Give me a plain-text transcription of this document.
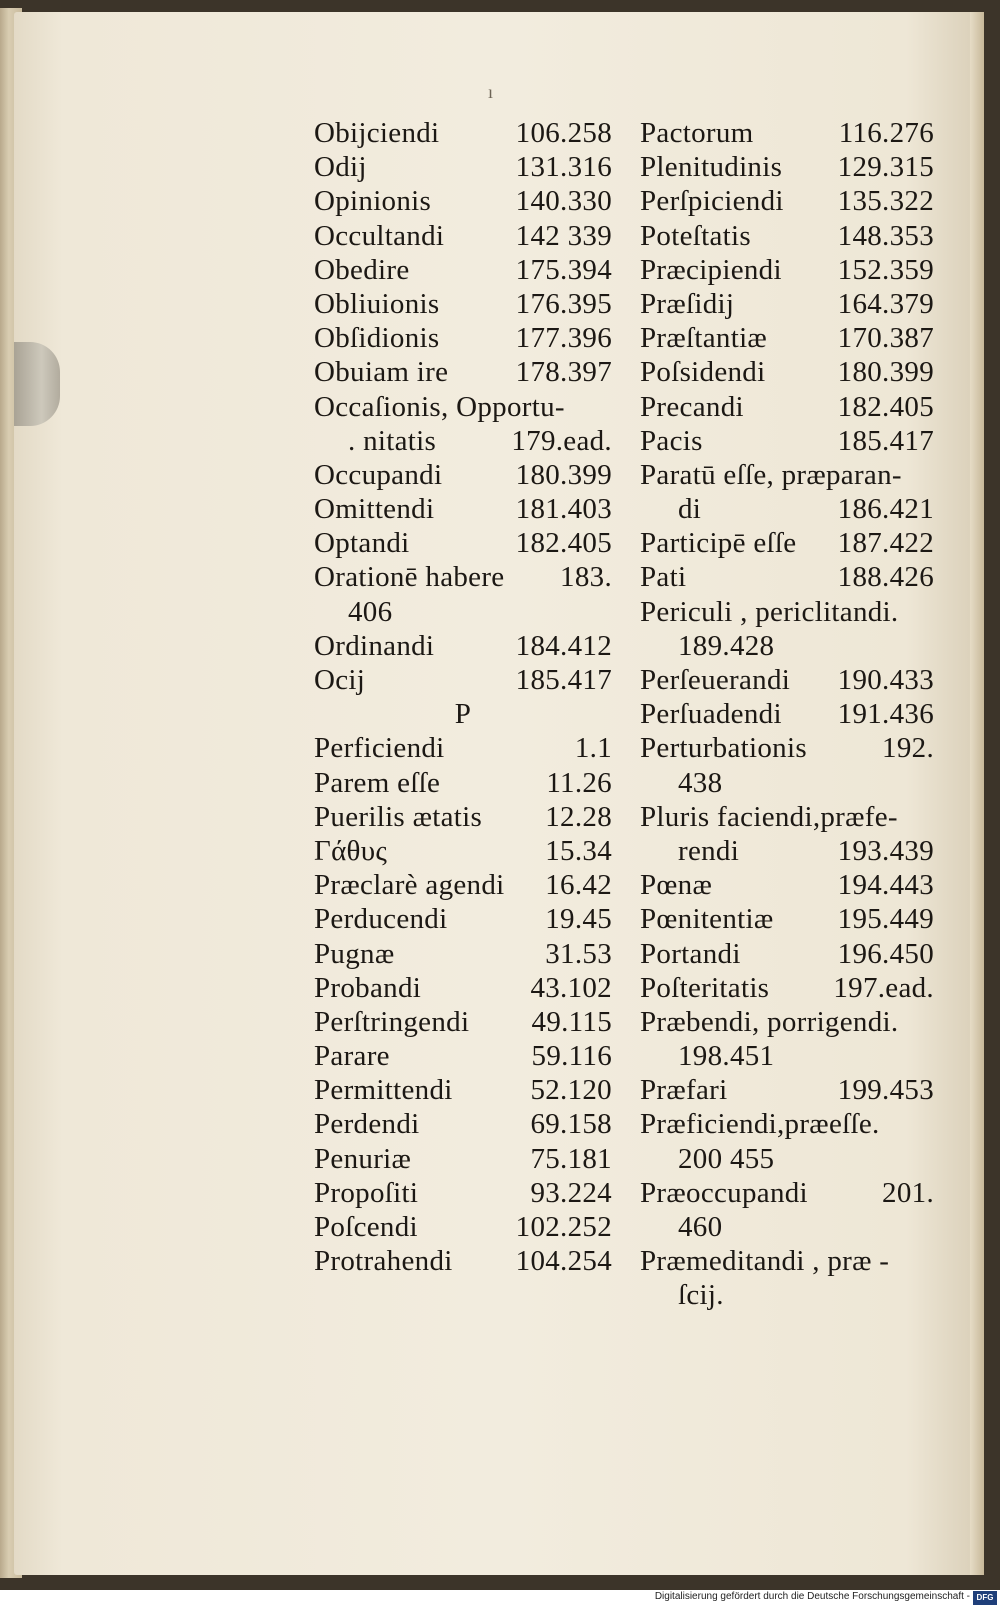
ı
Obijciendi	106.258
Odij	131.316
Opinionis	140.330
Occultandi 142 339
Obedire	175.394
Obliuionis	176.395
Obſidionis	177.396
Obuiam ire 178.397
Occaſionis, Opportu-
. nitatis	179.ead.
Occupandi	180.399
Omittendi	181.403
Optandi	182.405
Orationē habere 183.
406
Ordinandi	184.412
Ocij	185.417
P
Perficiendi	1.1
Parem eſſe	11.26
Puerilis ætatis 12.28
Γάθυς	15.34
Præclarè agendi 16.42
Perducendi	19.45
Pugnæ	31.53
Probandi	43.102
Perſtringendi 49.115
Parare	59.116
Permittendi	52.120
Perdendi	69.158
Penuriæ	75.181
Propoſiti	93.224
Poſcendi	102.252
Protrahendi 104.254
Pactorum	116.276
Plenitudinis 129.315
Perſpiciendi 135.322
Poteſtatis	148.353
Præcipiendi 152.359
Præſidij	164.379
Præſtantiæ 170.387
Poſsidendi 180.399
Precandi	182.405
Pacis	185.417
Paratū eſſe, præparan-
di	186.421
Participē eſſe 187.422
Pati	188.426
Periculi , periclitandi.
189.428
Perſeuerandi 190.433
Perſuadendi 191.436
Perturbationis	192.
438
Pluris faciendi,præfe-
rendi	193.439
Pœnæ	194.443
Pœnitentiæ 195.449
Portandi	196.450
Poſteritatis 197.ead.
Præbendi, porrigendi.
198.451
Præfari	199.453
Præficiendi,præeſſe.
200 455
Præoccupandi	201.
460
Præmeditandi , præ -
ſcij.
Digitalisierung gefördert durch die Deutsche Forschungsgemeinschaft - DFG
